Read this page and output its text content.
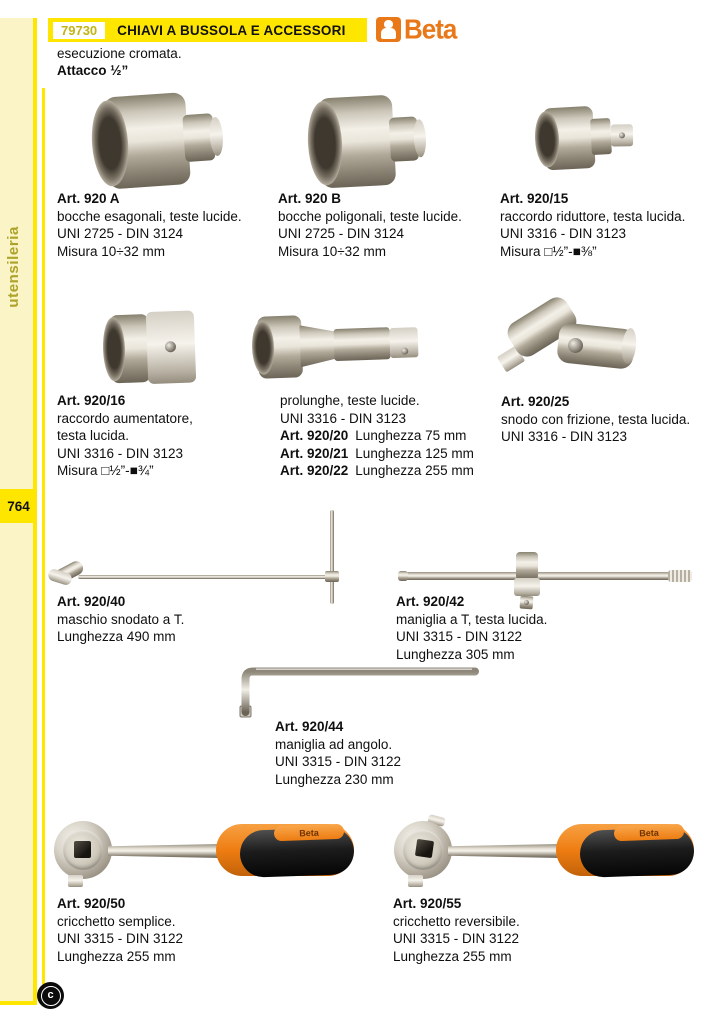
utensileria
764
c
79730	CHIAVI A BUSSOLA E ACCESSORI Beta
esecuzione cromata.
Attacco ½”
Beta	Beta
Art. 920 A
bocche esagonali, teste lucide.
UNI 2725 - DIN 3124
Misura 10÷32 mm
Art. 920 B
bocche poligonali, teste lucide.
UNI 2725 - DIN 3124
Misura 10÷32 mm
Art. 920/15
raccordo riduttore, testa lucida.
UNI 3316 - DIN 3123
Misura □½”-■⅜”
Art. 920/16
raccordo aumentatore,
testa lucida.
UNI 3316 - DIN 3123
Misura □½”-■¾”
prolunghe, teste lucide.
UNI 3316 - DIN 3123
Art. 920/20 Lunghezza 75 mm
Art. 920/21 Lunghezza 125 mm
Art. 920/22 Lunghezza 255 mm
Art. 920/25
snodo con frizione, testa lucida.
UNI 3316 - DIN 3123
Art. 920/40
maschio snodato a T.
Lunghezza 490 mm
Art. 920/42
maniglia a T, testa lucida.
UNI 3315 - DIN 3122
Lunghezza 305 mm
Art. 920/44
maniglia ad angolo.
UNI 3315 - DIN 3122
Lunghezza 230 mm
Art. 920/50
cricchetto semplice.
UNI 3315 - DIN 3122
Lunghezza 255 mm
Art. 920/55
cricchetto reversibile.
UNI 3315 - DIN 3122
Lunghezza 255 mm
